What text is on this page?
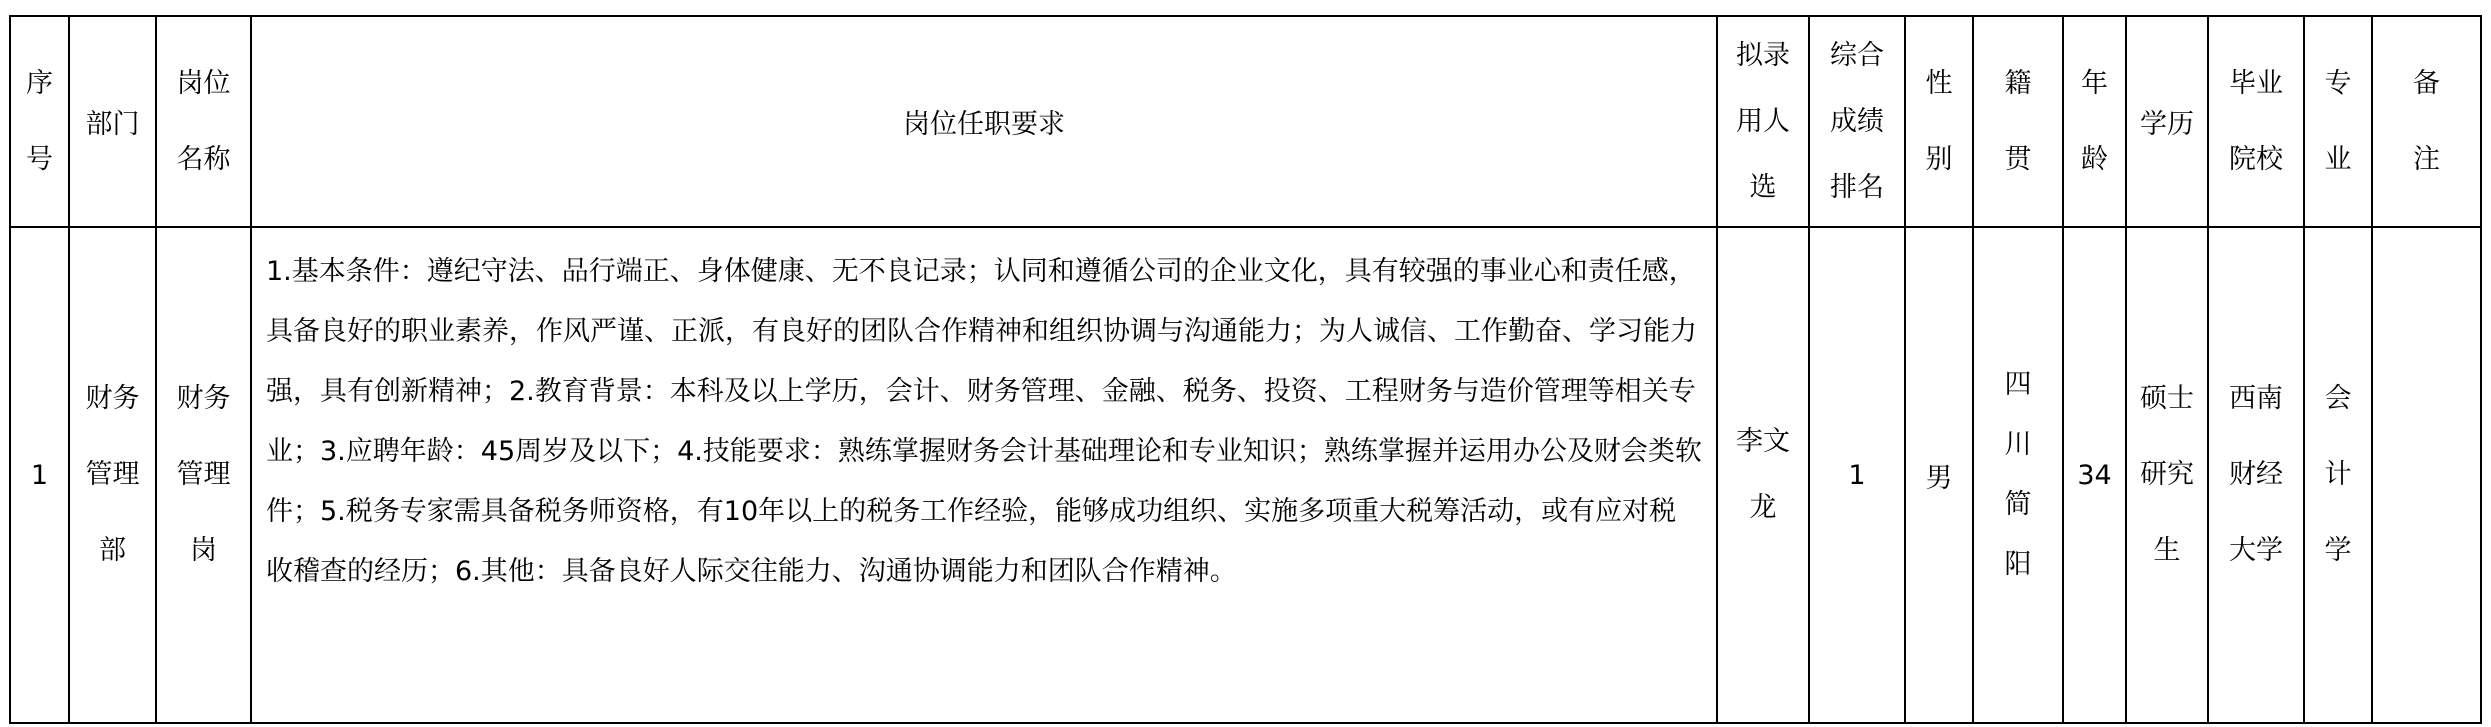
序号	部门	岗位名称	岗位任职要求	拟录用人选	综合成绩排名	性别	籍贯	年龄	学历	毕业院校	专业	备注

1	财务管理部	财务管理岗	1.基本条件：遵纪守法、品行端正、身体健康、无不良记录；认同和遵循公司的企业文化，具有较强的事业心和责任感，具备良好的职业素养，作风严谨、正派，有良好的团队合作精神和组织协调与沟通能力；为人诚信、工作勤奋、学习能力强，具有创新精神；2.教育背景：本科及以上学历，会计、财务管理、金融、税务、投资、工程财务与造价管理等相关专业；3.应聘年龄：45周岁及以下；4.技能要求：熟练掌握财务会计基础理论和专业知识；熟练掌握并运用办公及财会类软件；5.税务专家需具备税务师资格，有10年以上的税务工作经验，能够成功组织、实施多项重大税筹活动，或有应对税收稽查的经历；6.其他：具备良好人际交往能力、沟通协调能力和团队合作精神。	李文龙	1	男	四川简阳	34	硕士研究生	西南财经大学	会计学	
